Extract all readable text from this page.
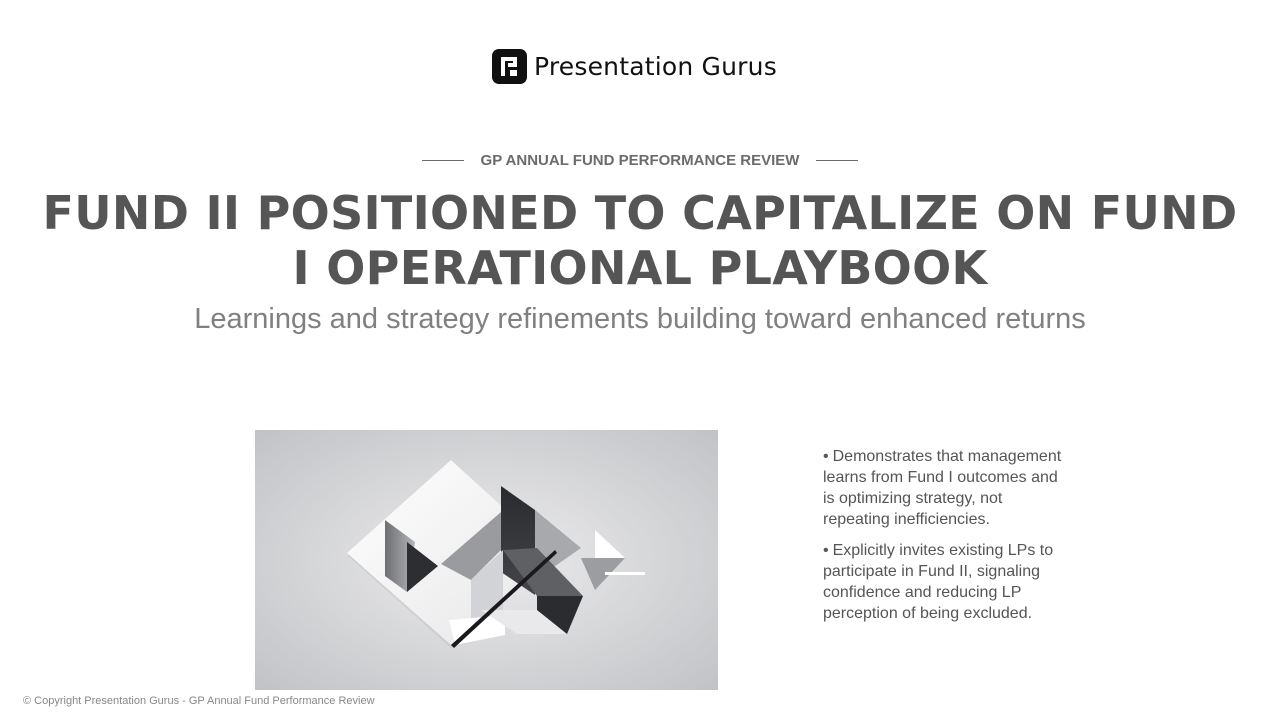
Presentation Gurus
GP ANNUAL FUND PERFORMANCE REVIEW
FUND II POSITIONED TO CAPITALIZE ON FUND I OPERATIONAL PLAYBOOK
Learnings and strategy refinements building toward enhanced returns
• Demonstrates that management learns from Fund I outcomes and is optimizing strategy, not repeating inefficiencies.
• Explicitly invites existing LPs to participate in Fund II, signaling confidence and reducing LP perception of being excluded.
© Copyright Presentation Gurus - GP Annual Fund Performance Review
